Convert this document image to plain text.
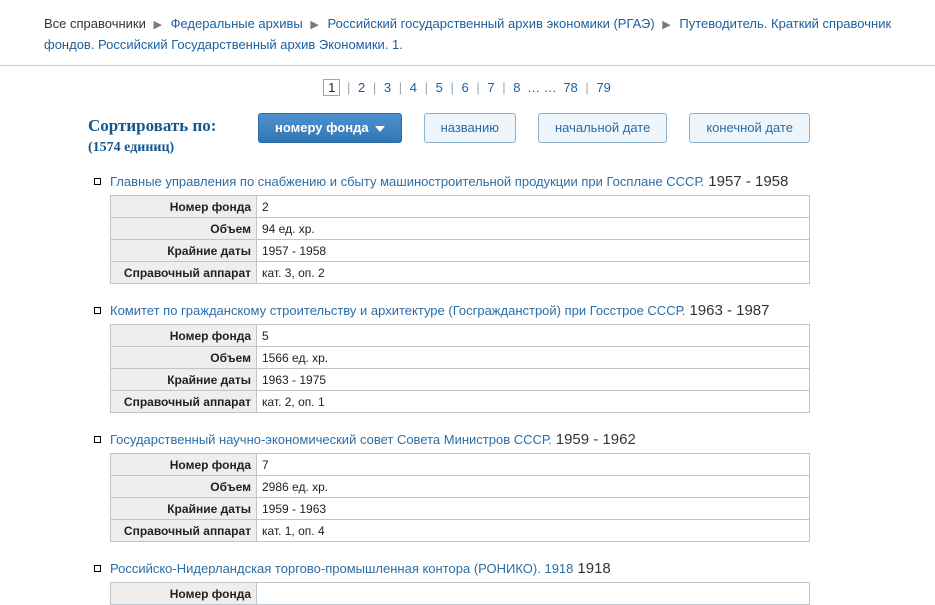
Все справочники ▶ Федеральные архивы ▶ Российский государственный архив экономики (РГАЭ) ▶ Путеводитель. Краткий справочник фондов. Российский Государственный архив Экономики. 1.
1 | 2 | 3 | 4 | 5 | 6 | 7 | 8 … … 78 | 79
Сортировать по:
(1574 единиц)
номеру фонда	названию	начальной дате	конечной дате
Главные управления по снабжению и сбыту машиностроительной продукции при Госплане СССР. 1957 - 1958
Номер фонда	2
Объем	94 ед. хр.
Крайние даты	1957 - 1958
Справочный аппарат	кат. 3, оп. 2
Комитет по гражданскому строительству и архитектуре (Госгражданстрой) при Госстрое СССР. 1963 - 1987
Номер фонда	5
Объем	1566 ед. хр.
Крайние даты	1963 - 1975
Справочный аппарат	кат. 2, оп. 1
Государственный научно-экономический совет Совета Министров СССР. 1959 - 1962
Номер фонда	7
Объем	2986 ед. хр.
Крайние даты	1959 - 1963
Справочный аппарат	кат. 1, оп. 4
Российско-Нидерландская торгово-промышленная контора (РОНИКО). 1918 1918
Номер фонда	
